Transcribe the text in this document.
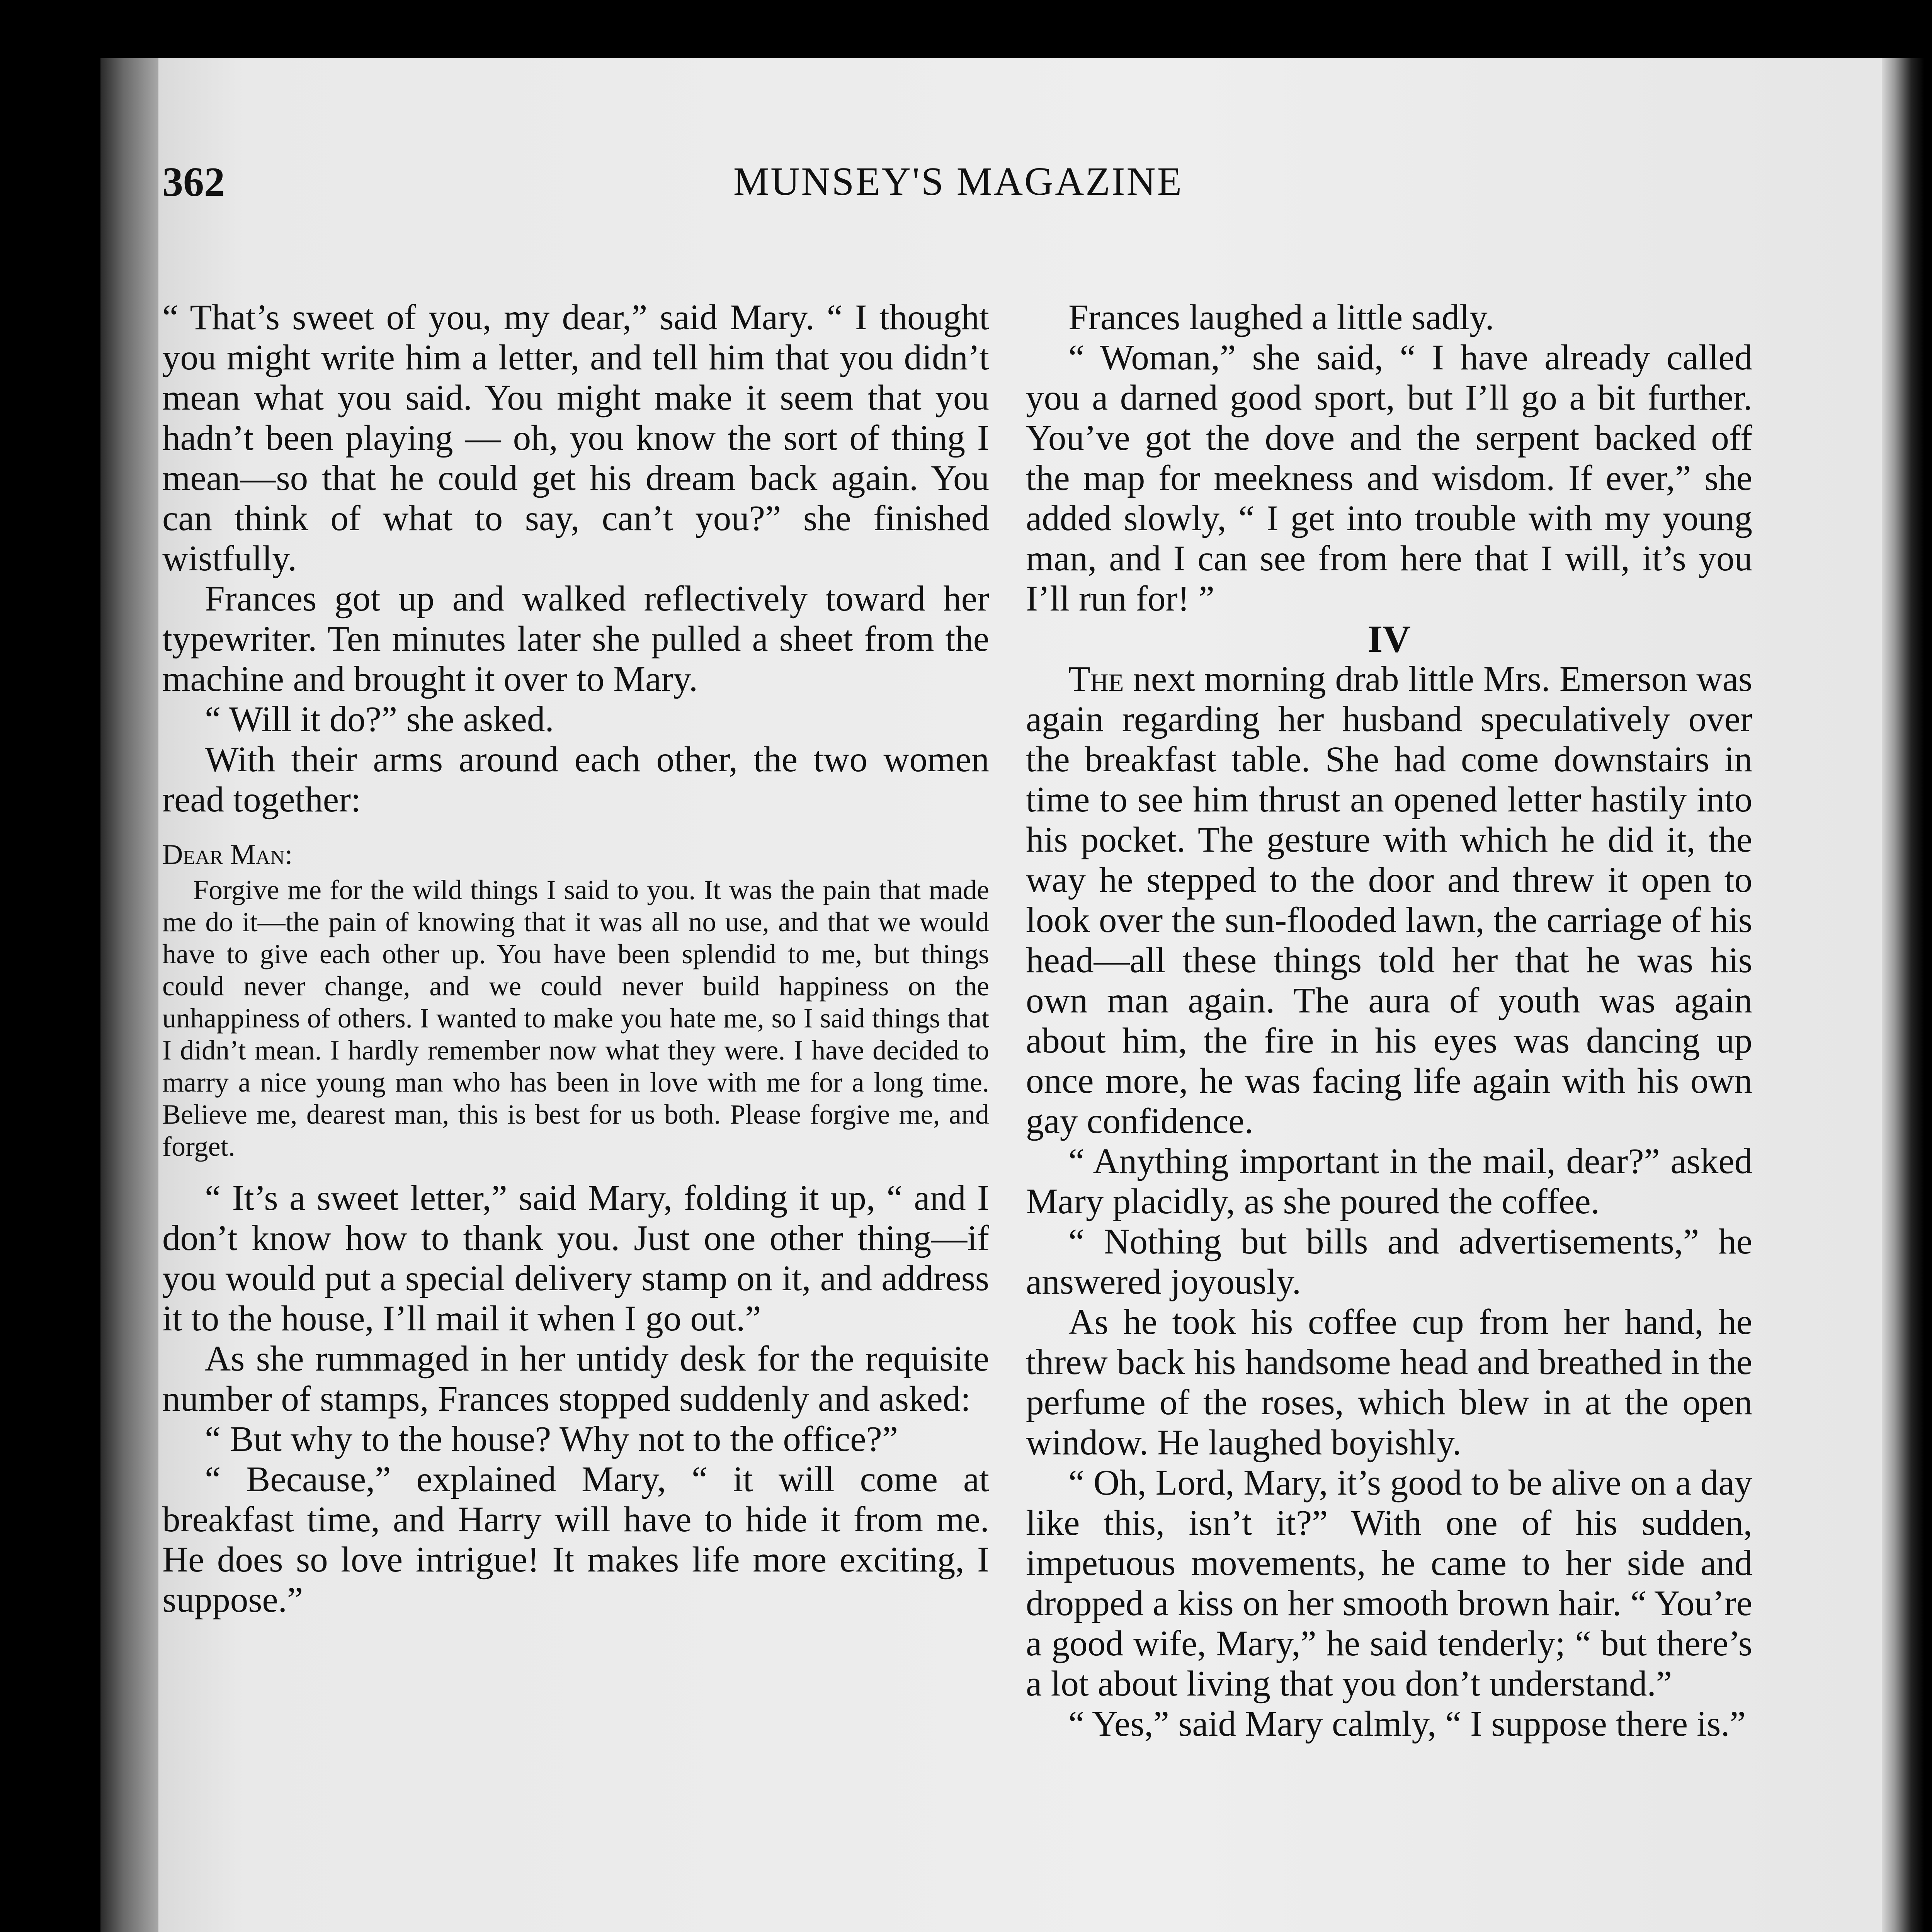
362	MUNSEY'S MAGAZINE

“ That’s sweet of you, my dear,” said Mary. “ I thought you might write him a letter, and tell him that you didn’t mean what you said. You might make it seem that you hadn’t been playing — oh, you know the sort of thing I mean—so that he could get his dream back again. You can think of what to say, can’t you?” she finished wistfully.

Frances got up and walked reflectively toward her typewriter. Ten minutes later she pulled a sheet from the machine and brought it over to Mary.

“ Will it do?” she asked.

With their arms around each other, the two women read together:

Dear Man:

Forgive me for the wild things I said to you. It was the pain that made me do it—the pain of knowing that it was all no use, and that we would have to give each other up. You have been splendid to me, but things could never change, and we could never build happiness on the unhappiness of others. I wanted to make you hate me, so I said things that I didn’t mean. I hardly remember now what they were. I have decided to marry a nice young man who has been in love with me for a long time. Believe me, dearest man, this is best for us both. Please forgive me, and forget.

“ It’s a sweet letter,” said Mary, folding it up, “ and I don’t know how to thank you. Just one other thing—if you would put a special delivery stamp on it, and address it to the house, I’ll mail it when I go out.”

As she rummaged in her untidy desk for the requisite number of stamps, Frances stopped suddenly and asked:

“ But why to the house? Why not to the office?”

“ Because,” explained Mary, “ it will come at breakfast time, and Harry will have to hide it from me. He does so love intrigue! It makes life more exciting, I suppose.”

Frances laughed a little sadly.

“ Woman,” she said, “ I have already called you a darned good sport, but I’ll go a bit further. You’ve got the dove and the serpent backed off the map for meekness and wisdom. If ever,” she added slowly, “ I get into trouble with my young man, and I can see from here that I will, it’s you I’ll run for! ”

IV

The next morning drab little Mrs. Emerson was again regarding her husband speculatively over the breakfast table. She had come downstairs in time to see him thrust an opened letter hastily into his pocket. The gesture with which he did it, the way he stepped to the door and threw it open to look over the sun-flooded lawn, the carriage of his head—all these things told her that he was his own man again. The aura of youth was again about him, the fire in his eyes was dancing up once more, he was facing life again with his own gay confidence.

“ Anything important in the mail, dear?” asked Mary placidly, as she poured the coffee.

“ Nothing but bills and advertisements,” he answered joyously.

As he took his coffee cup from her hand, he threw back his handsome head and breathed in the perfume of the roses, which blew in at the open window. He laughed boyishly.

“ Oh, Lord, Mary, it’s good to be alive on a day like this, isn’t it?” With one of his sudden, impetuous movements, he came to her side and dropped a kiss on her smooth brown hair. “ You’re a good wife, Mary,” he said tenderly; “ but there’s a lot about living that you don’t understand.”

“ Yes,” said Mary calmly, “ I suppose there is.”
